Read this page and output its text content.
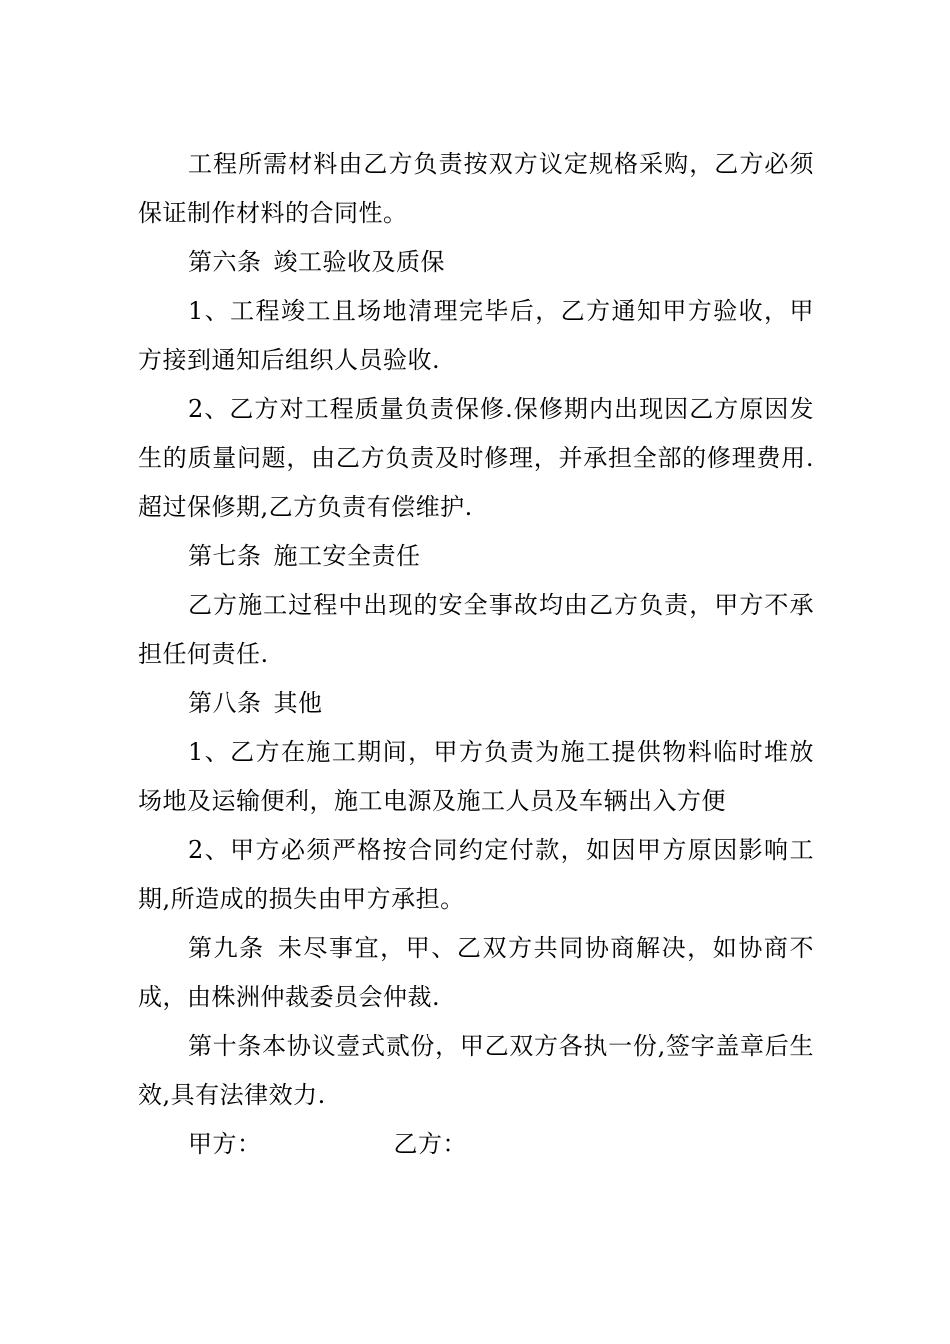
工程所需材料由乙方负责按双方议定规格采购，乙方必须保证制作材料的合同性。

第六条 竣工验收及质保

1、工程竣工且场地清理完毕后，乙方通知甲方验收，甲方接到通知后组织人员验收.

2、乙方对工程质量负责保修.保修期内出现因乙方原因发生的质量问题，由乙方负责及时修理，并承担全部的修理费用.超过保修期,乙方负责有偿维护.

第七条 施工安全责任

乙方施工过程中出现的安全事故均由乙方负责，甲方不承担任何责任.

第八条 其他

1、乙方在施工期间，甲方负责为施工提供物料临时堆放场地及运输便利，施工电源及施工人员及车辆出入方便

2、甲方必须严格按合同约定付款，如因甲方原因影响工期,所造成的损失由甲方承担。

第九条 未尽事宜，甲、乙双方共同协商解决，如协商不成，由株洲仲裁委员会仲裁.

第十条本协议壹式贰份，甲乙双方各执一份,签字盖章后生效,具有法律效力.

甲方：	乙方：
